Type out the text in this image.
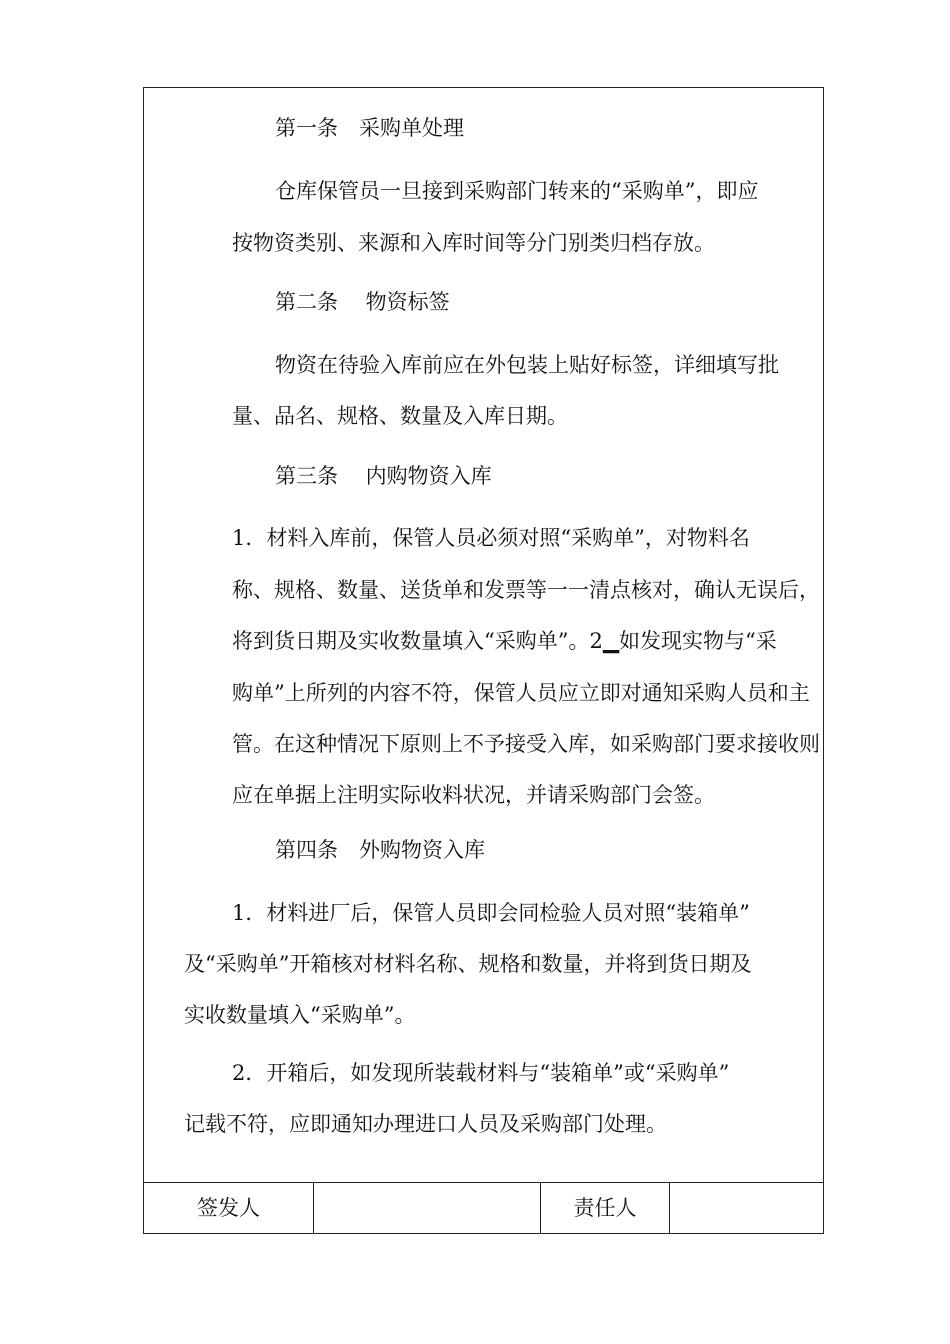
第一条　采购单处理

仓库保管员一旦接到采购部门转来的“采购单”，即应

按物资类别、来源和入库时间等分门别类归档存放。

第二条　 物资标签

物资在待验入库前应在外包装上贴好标签，详细填写批

量、品名、规格、数量及入库日期。

第三条　 内购物资入库

1．材料入库前，保管人员必须对照“采购单”，对物料名

称、规格、数量、送货单和发票等一一清点核对，确认无误后，

将到货日期及实收数量填入“采购单”。2▁如发现实物与“采

购单”上所列的内容不符，保管人员应立即对通知采购人员和主

管。在这种情况下原则上不予接受入库，如采购部门要求接收则

应在单据上注明实际收料状况，并请采购部门会签。

第四条　外购物资入库

1．材料进厂后，保管人员即会同检验人员对照“装箱单”

及“采购单”开箱核对材料名称、规格和数量，并将到货日期及

实收数量填入“采购单”。

2．开箱后，如发现所装载材料与“装箱单”或“采购单”

记载不符，应即通知办理进口人员及采购部门处理。

签发人	责任人
